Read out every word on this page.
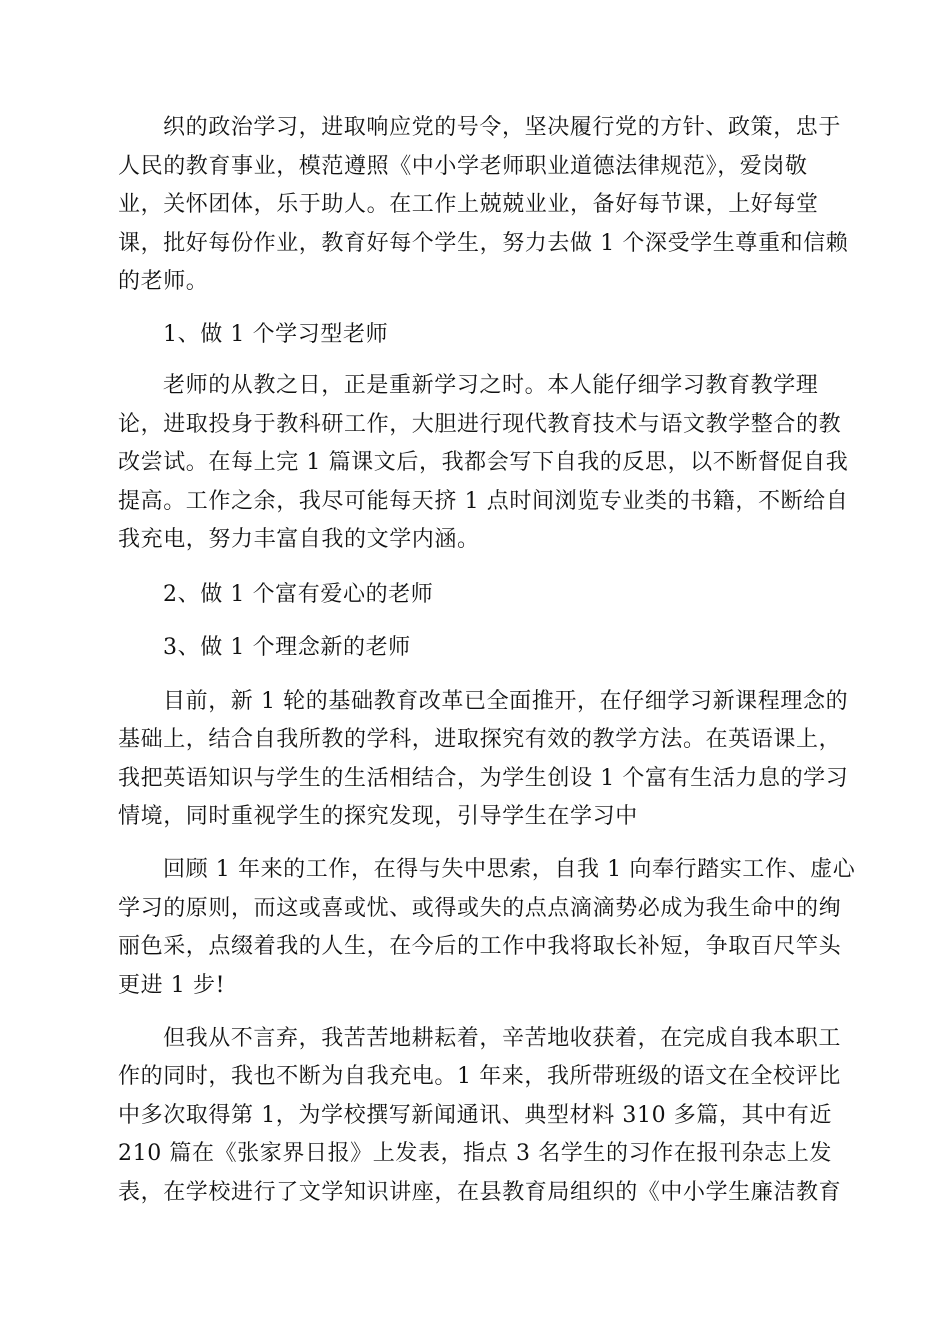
织的政治学习，进取响应党的号令，坚决履行党的方针、政策，忠于
人民的教育事业，模范遵照《中小学老师职业道德法律规范》，爱岗敬
业，关怀团体，乐于助人。在工作上兢兢业业，备好每节课，上好每堂
课，批好每份作业，教育好每个学生，努力去做 1 个深受学生尊重和信赖
的老师。
1、做 1 个学习型老师
老师的从教之日，正是重新学习之时。本人能仔细学习教育教学理
论，进取投身于教科研工作，大胆进行现代教育技术与语文教学整合的教
改尝试。在每上完 1 篇课文后，我都会写下自我的反思，以不断督促自我
提高。工作之余，我尽可能每天挤 1 点时间浏览专业类的书籍，不断给自
我充电，努力丰富自我的文学内涵。
2、做 1 个富有爱心的老师
3、做 1 个理念新的老师
目前，新 1 轮的基础教育改革已全面推开，在仔细学习新课程理念的
基础上，结合自我所教的学科，进取探究有效的教学方法。在英语课上，
我把英语知识与学生的生活相结合，为学生创设 1 个富有生活力息的学习
情境，同时重视学生的探究发现，引导学生在学习中
回顾 1 年来的工作，在得与失中思索，自我 1 向奉行踏实工作、虚心
学习的原则，而这或喜或忧、或得或失的点点滴滴势必成为我生命中的绚
丽色采，点缀着我的人生，在今后的工作中我将取长补短，争取百尺竿头
更进 1 步!
但我从不言弃，我苦苦地耕耘着，辛苦地收获着，在完成自我本职工
作的同时，我也不断为自我充电。1 年来，我所带班级的语文在全校评比
中多次取得第 1，为学校撰写新闻通讯、典型材料 310 多篇，其中有近
210 篇在《张家界日报》上发表，指点 3 名学生的习作在报刊杂志上发
表，在学校进行了文学知识讲座，在县教育局组织的《中小学生廉洁教育
